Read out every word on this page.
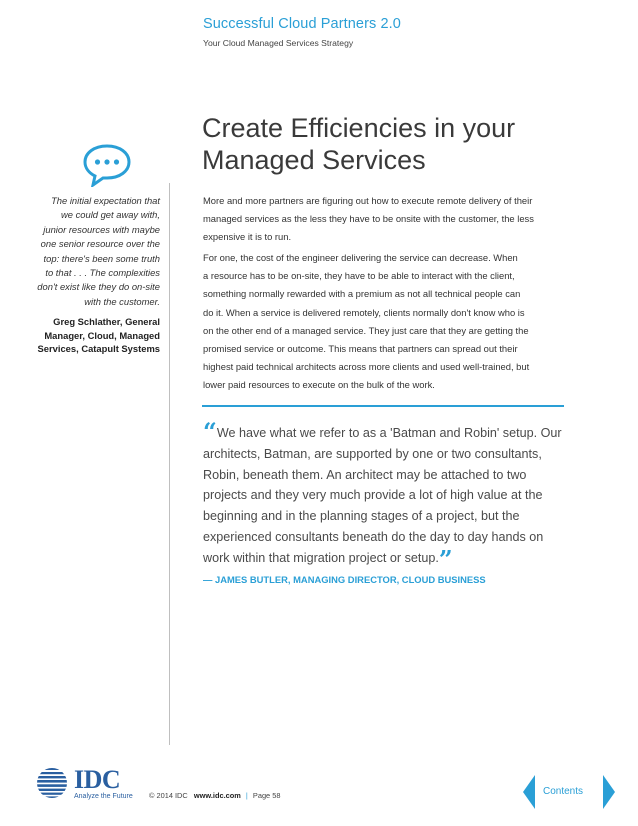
Successful Cloud Partners 2.0
Your Cloud Managed Services Strategy
Create Efficiencies in your
Managed Services
The initial expectation that
we could get away with,
junior resources with maybe
one senior resource over the
top: there's been some truth
to that . . . The complexities
don't exist like they do on-site
with the customer.
Greg Schlather, General
Manager, Cloud, Managed
Services, Catapult Systems

More and more partners are figuring out how to execute remote delivery of their
managed services as the less they have to be onsite with the customer, the less
expensive it is to run.

For one, the cost of the engineer delivering the service can decrease. When
a resource has to be on-site, they have to be able to interact with the client,
something normally rewarded with a premium as not all technical people can
do it. When a service is delivered remotely, clients normally don't know who is
on the other end of a managed service. They just care that they are getting the
promised service or outcome. This means that partners can spread out their
highest paid technical architects across more clients and used well-trained, but
lower paid resources to execute on the bulk of the work.

“We have what we refer to as a 'Batman and Robin' setup. Our
architects, Batman, are supported by one or two consultants,
Robin, beneath them. An architect may be attached to two
projects and they very much provide a lot of high value at the
beginning and in the planning stages of a project, but the
experienced consultants beneath do the day to day hands on
work within that migration project or setup.”
— JAMES BUTLER, MANAGING DIRECTOR, CLOUD BUSINESS
IDC
Analyze the Future © 2014 IDC www.idc.com | Page 58	Contents
